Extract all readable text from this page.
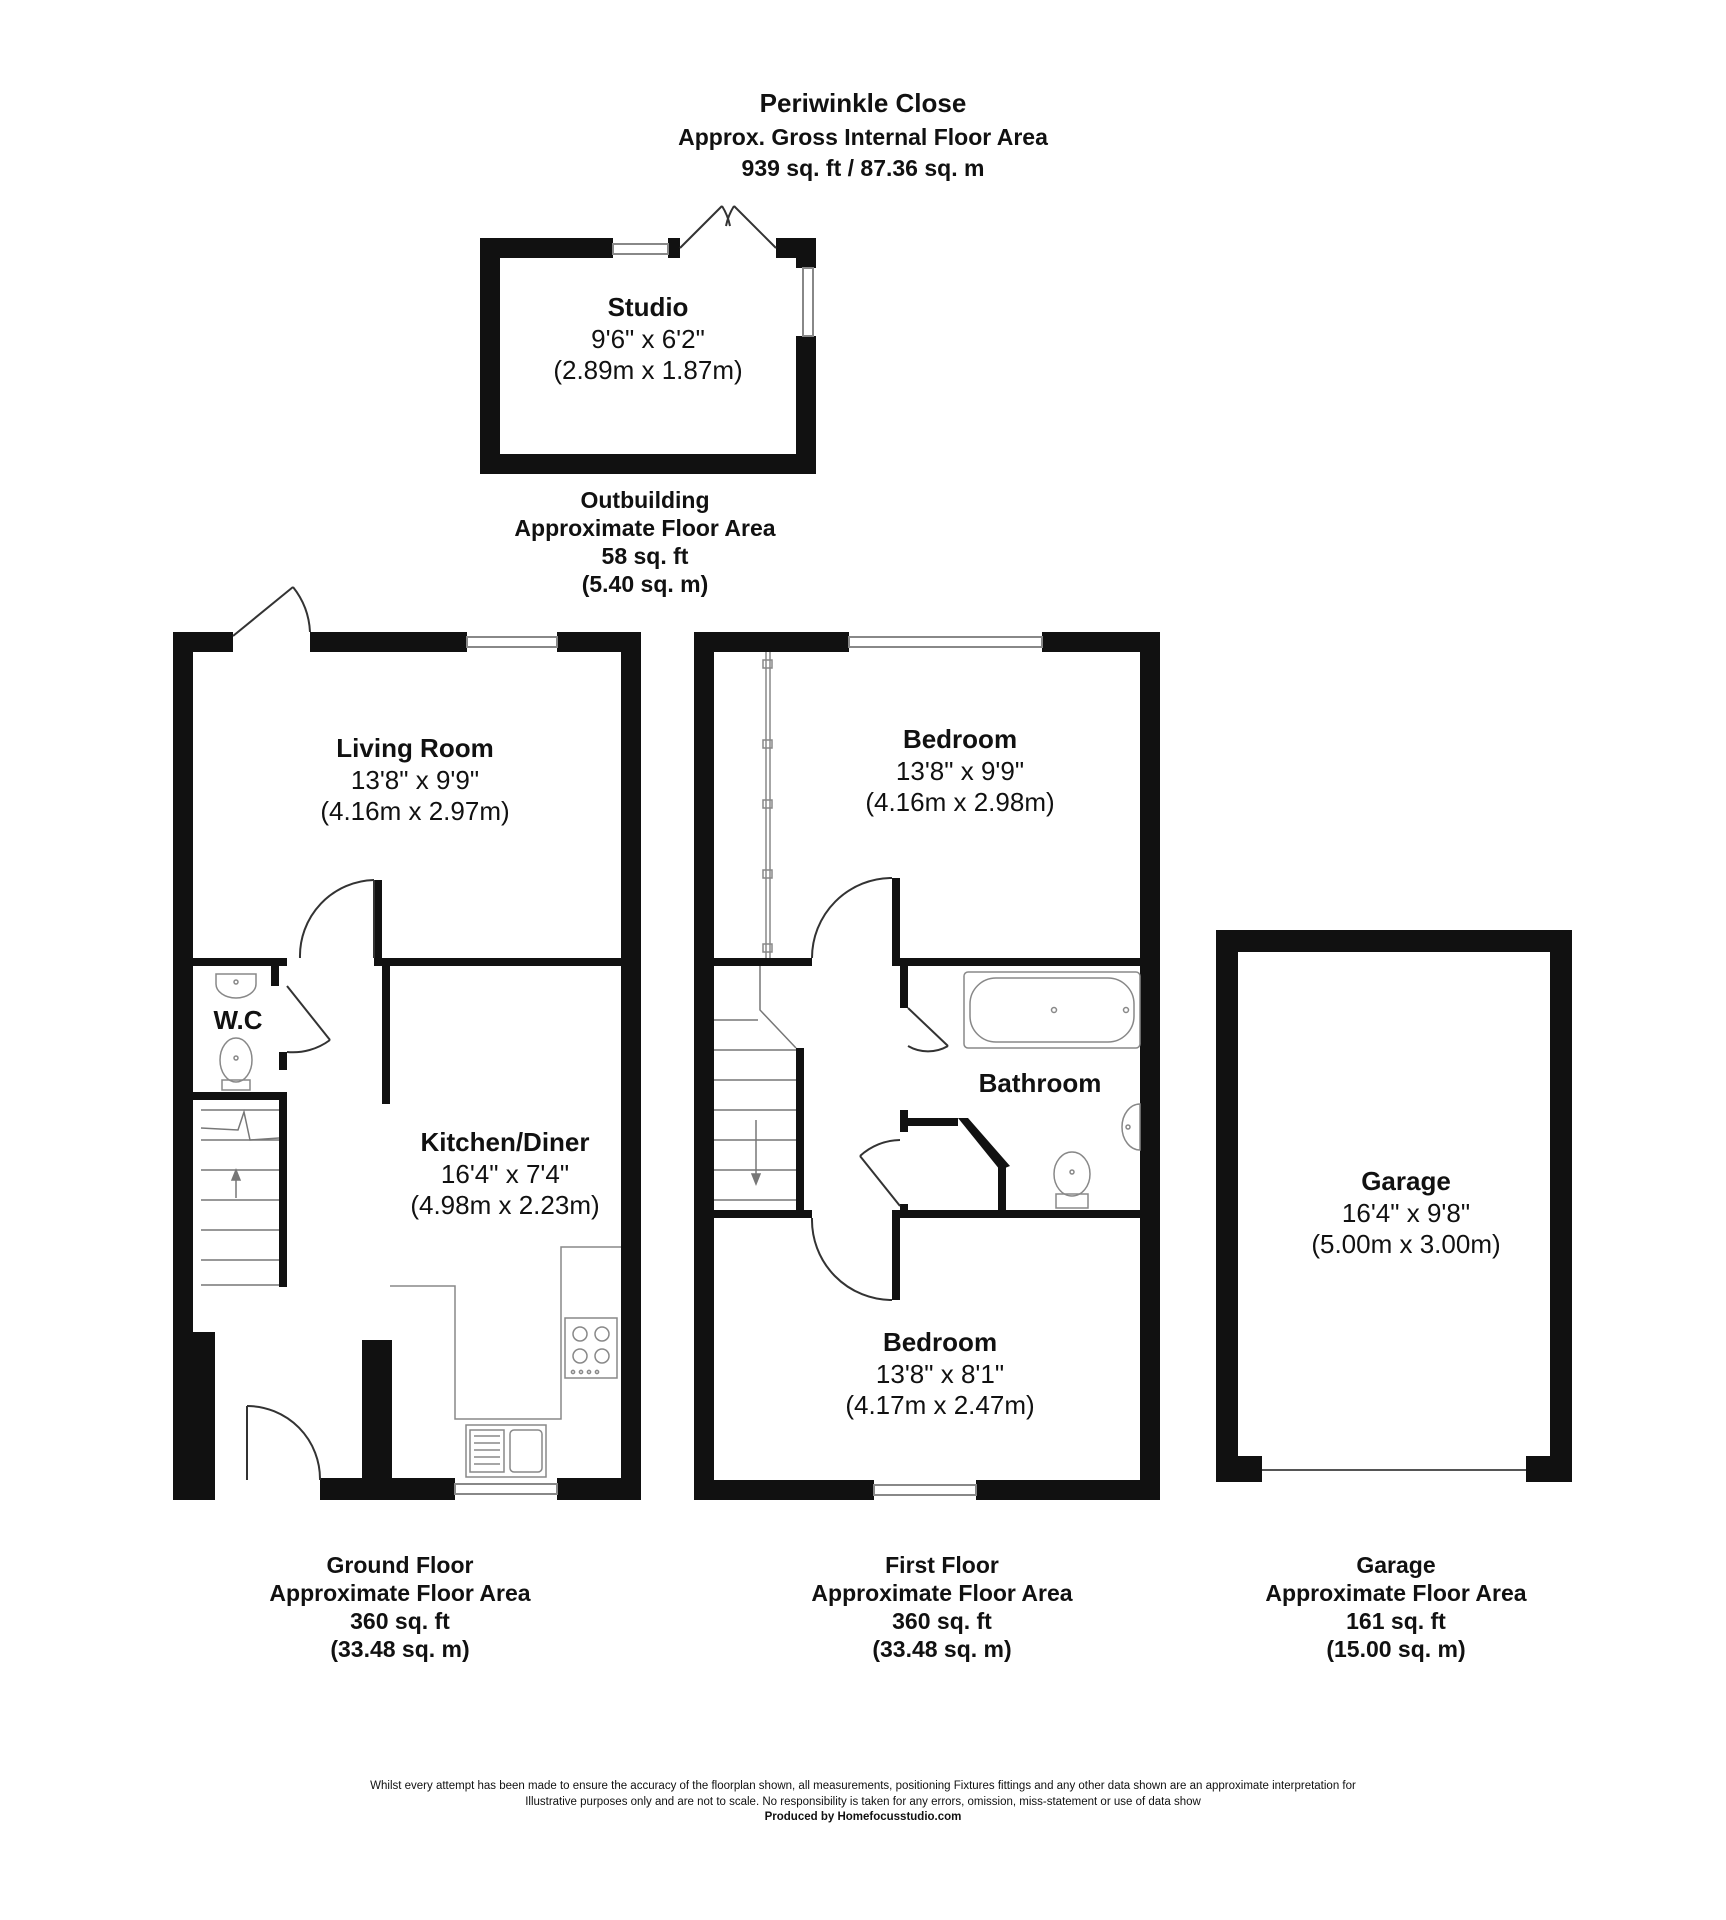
Periwinkle Close
Approx. Gross Internal Floor Area
939 sq. ft / 87.36 sq. m
Studio
9'6" x 6'2"
(2.89m x 1.87m)
Outbuilding
Approximate Floor Area
58 sq. ft
(5.40 sq. m)
Living Room
13'8" x 9'9"
(4.16m x 2.97m)
W.C
Kitchen/Diner
16'4" x 7'4"
(4.98m x 2.23m)
Bedroom
13'8" x 9'9"
(4.16m x 2.98m)
Bathroom
Bedroom
13'8" x 8'1"
(4.17m x 2.47m)
Garage
16'4" x 9'8"
(5.00m x 3.00m)
Ground Floor
Approximate Floor Area
360 sq. ft
(33.48 sq. m)
First Floor
Approximate Floor Area
360 sq. ft
(33.48 sq. m)
Garage
Approximate Floor Area
161 sq. ft
(15.00 sq. m)
Whilst every attempt has been made to ensure the accuracy of the floorplan shown, all measurements, positioning Fixtures fittings and any other data shown are an approximate interpretation for
Illustrative purposes only and are not to scale. No responsibility is taken for any errors, omission, miss-statement or use of data show
Produced by Homefocusstudio.com
